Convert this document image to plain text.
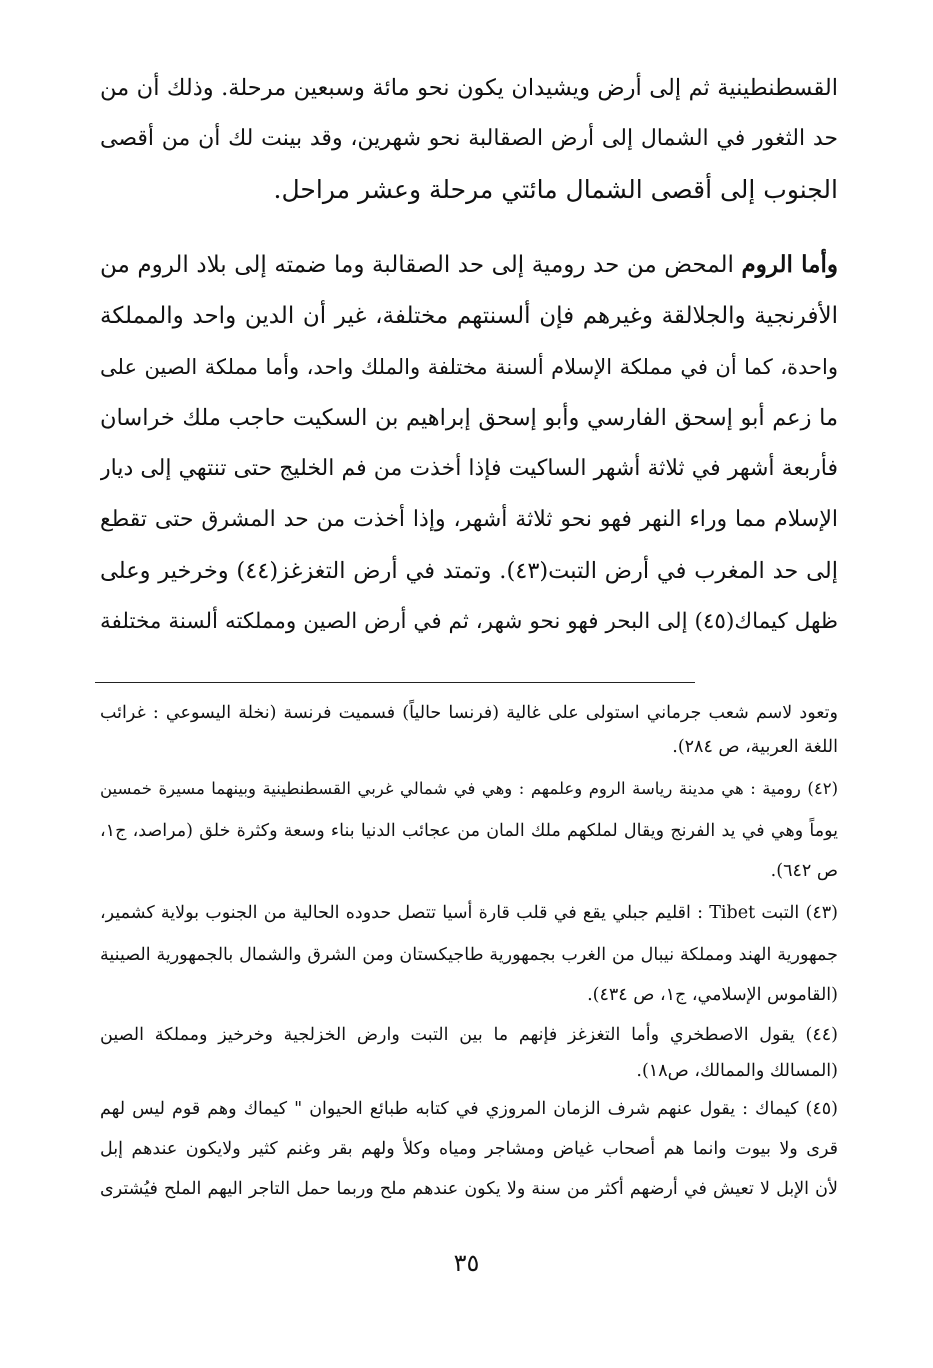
القسطنطينية ثم إلى أرض ويشيدان يكون نحو مائة وسبعين مرحلة. وذلك أن من
حد الثغور في الشمال إلى أرض الصقالبة نحو شهرين، وقد بينت لك أن من أقصى
الجنوب إلى أقصى الشمال مائتي مرحلة وعشر مراحل.
وأما الروم المحض من حد رومية إلى حد الصقالبة وما ضمته إلى بلاد الروم من
الأفرنجية والجلالقة وغيرهم فإن ألسنتهم مختلفة، غير أن الدين واحد والمملكة
واحدة، كما أن في مملكة الإسلام ألسنة مختلفة والملك واحد، وأما مملكة الصين على
ما زعم أبو إسحق الفارسي وأبو إسحق إبراهيم بن السكيت حاجب ملك خراسان
فأربعة أشهر في ثلاثة أشهر الساكيت فإذا أخذت من فم الخليج حتى تنتهي إلى ديار
الإسلام مما وراء النهر فهو نحو ثلاثة أشهر، وإذا أخذت من حد المشرق حتى تقطع
إلى حد المغرب في أرض التبت(٤٣). وتمتد في أرض التغزغز(٤٤) وخرخير وعلى
ظهل كيماك(٤٥) إلى البحر فهو نحو شهر، ثم في أرض الصين ومملكته ألسنة مختلفة
وتعود لاسم شعب جرماني استولى على غالية (فرنسا حالياً) فسميت فرنسة (نخلة اليسوعي : غرائب
اللغة العربية، ص ٢٨٤).
(٤٢) رومية : هي مدينة رياسة الروم وعلمهم : وهي في شمالي غربي القسطنطينية وبينهما مسيرة خمسين
يوماً وهي في يد الفرنج ويقال لملكهم ملك المان من عجائب الدنيا بناء وسعة وكثرة خلق (مراصد، ج١،
ص ٦٤٢).
(٤٣) التبت Tibet : اقليم جبلي يقع في قلب قارة أسيا تتصل حدوده الحالية من الجنوب بولاية كشمير،
جمهورية الهند ومملكة نيبال من الغرب بجمهورية طاجيكستان ومن الشرق والشمال بالجمهورية الصينية
(القاموس الإسلامي، ج١، ص ٤٣٤).
(٤٤) يقول الاصطخري وأما التغزغز فإنهم ما بين التبت وارض الخزلجية وخرخيز ومملكة الصين
(المسالك والممالك، ص١٨).
(٤٥) كيماك : يقول عنهم شرف الزمان المروزي في كتابه طبائع الحيوان " كيماك وهم قوم ليس لهم
قرى ولا بيوت وانما هم أصحاب غياض ومشاجر ومياه وكلأ ولهم بقر وغنم كثير ولايكون عندهم إبل
لأن الإبل لا تعيش في أرضهم أكثر من سنة ولا يكون عندهم ملح وربما حمل التاجر اليهم الملح فيُشترى
٣٥
